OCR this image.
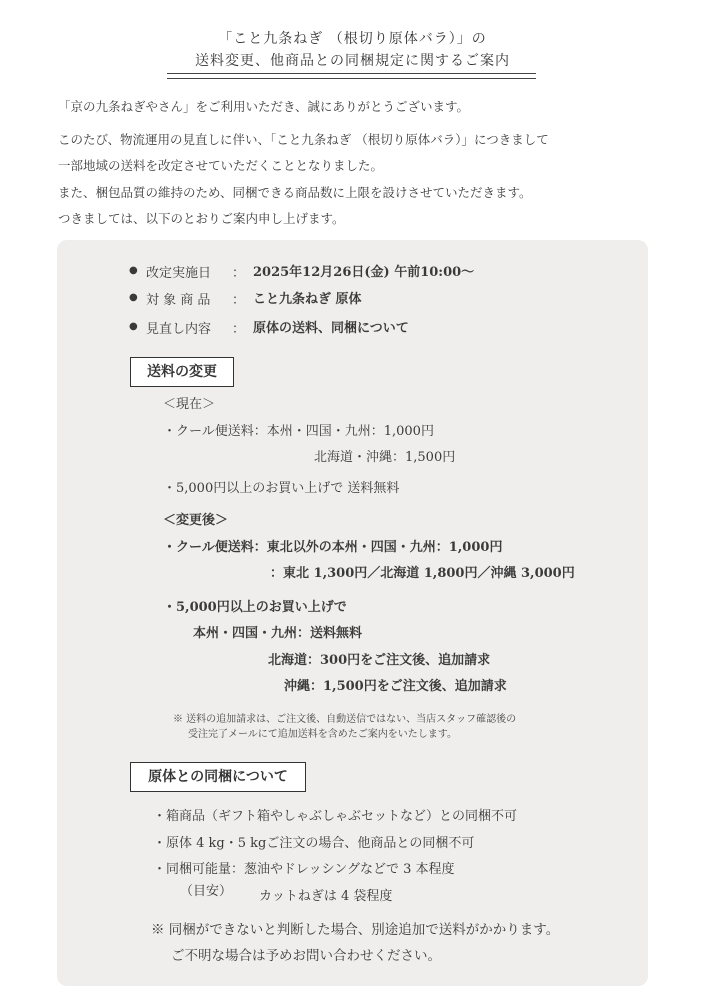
「こと九条ねぎ （根切り原体バラ）」の
送料変更、他商品との同梱規定に関するご案内
「京の九条ねぎやさん」をご利用いただき、誠にありがとうございます。
このたび、物流運用の見直しに伴い、「こと九条ねぎ （根切り原体バラ）」につきまして
一部地域の送料を改定させていただくこととなりました。
また、梱包品質の維持のため、同梱できる商品数に上限を設けさせていただきます。
つきましては、以下のとおりご案内申し上げます。
● 改定実施日 ： 2025年12月26日(金) 午前10:00〜
● 対 象 商 品 ： こと九条ねぎ 原体
● 見直し内容 ： 原体の送料、同梱について
送料の変更
＜現在＞
・クール便送料：本州・四国・九州：1,000円
北海道・沖縄：1,500円
・5,000円以上のお買い上げで 送料無料
＜変更後＞
・クール便送料：東北以外の本州・四国・九州：1,000円
：東北 1,300円／北海道 1,800円／沖縄 3,000円
・5,000円以上のお買い上げで
本州・四国・九州：送料無料
北海道：300円をご注文後、追加請求
沖縄：1,500円をご注文後、追加請求
※ 送料の追加請求は、ご注文後、自動送信ではない、当店スタッフ確認後の
受注完了メールにて追加送料を含めたご案内をいたします。
原体との同梱について
・箱商品（ギフト箱やしゃぶしゃぶセットなど）との同梱不可
・原体 4 kg・5 kgご注文の場合、他商品との同梱不可
・同梱可能量：葱油やドレッシングなどで 3 本程度
（目安） カットねぎは 4 袋程度
※ 同梱ができないと判断した場合、別途追加で送料がかかります。
ご不明な場合は予めお問い合わせください。
